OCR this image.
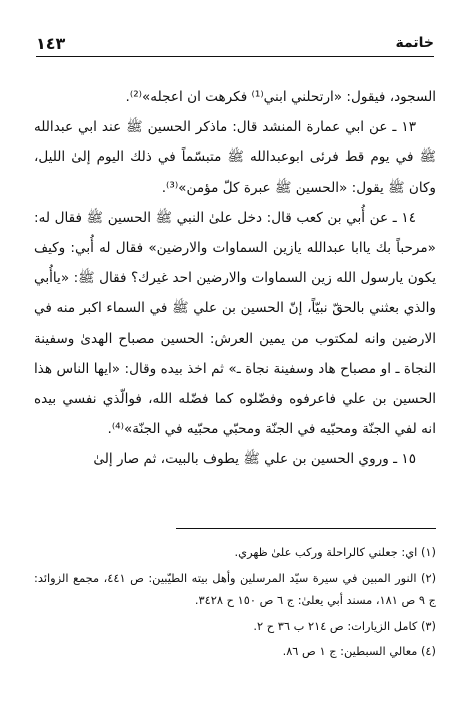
خاتمة
١٤٣

السجود، فيقول: «ارتحلني ابني⁽¹⁾ فكرهت ان اعجله»⁽²⁾.

١٣ ـ عن ابي عمارة المنشد قال: ماذكر الحسين ﷺ عند ابي عبدالله ﷺ في يوم قط فرئى ابوعبدالله ﷺ متبسّماً في ذلك اليوم إلىٰ الليل، وكان ﷺ يقول: «الحسين ﷺ عبرة كلّ مؤمن»⁽³⁾.

١٤ ـ عن أُبي بن كعب قال: دخل علىٰ النبي ﷺ الحسين ﷺ فقال له: «مرحباً بك ياابا عبدالله يازين السماوات والارضين» فقال له أُبي: وكيف يكون يارسول الله زين السماوات والارضين احد غيرك؟ فقال ﷺ: «ياأُبي والذي بعثني بالحقّ نبيّاً، إنّ الحسين بن علي ﷺ في السماء اكبر منه في الارضين وانه لمكتوب من يمين العرش: الحسين مصباح الهدىٰ وسفينة النجاة ـ او مصباح هاد وسفينة نجاة ـ» ثم اخذ بيده وقال: «ايها الناس هذا الحسين بن علي فاعرفوه وفضّلوه كما فضّله الله، فوالّذي نفسي بيده انه لفي الجنّة ومحبّيه في الجنّة ومحبّي محبّيه في الجنّة»⁽⁴⁾.

١٥ ـ وروي الحسين بن علي ﷺ يطوف بالبيت، ثم صار إلىٰ

(١) اي: جعلني كالراحلة وركب علىٰ ظهري.

(٢) النور المبين في سيرة سيّد المرسلين وأهل بيته الطيّبين: ص ٤٤١، مجمع الزوائد: ج ٩ ص ١٨١، مسند أبي يعلىٰ: ج ٦ ص ١٥٠ ح ٣٤٢٨.

(٣) كامل الزيارات: ص ٢١٤ ب ٣٦ ح ٢.

(٤) معالي السبطين: ج ١ ص ٨٦.
